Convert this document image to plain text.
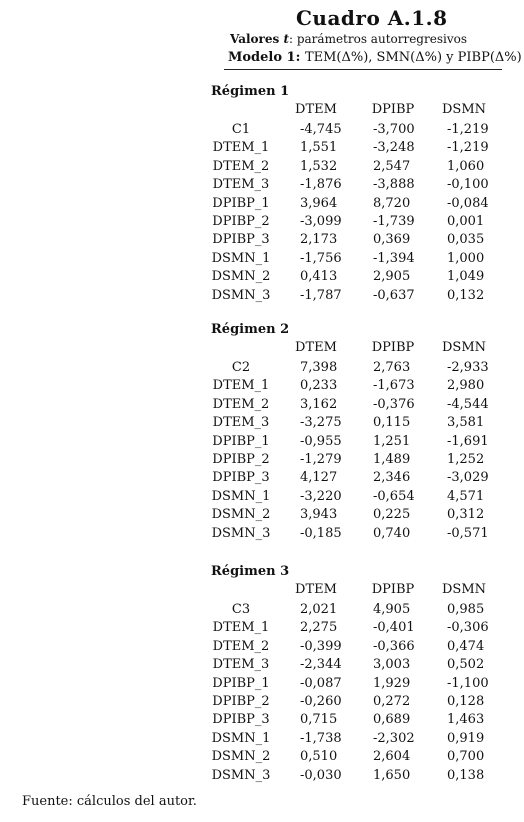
Cuadro A.1.8
Valores t: parámetros autorregresivos
Modelo 1: TEM(Δ%), SMN(Δ%) y PIBP(Δ%)
Régimen 1
DTEM	DPIBP	DSMN
C1	-4,745 -3,700 -1,219
DTEM_1	1,551	-3,248 -1,219
DTEM_2	1,532	2,547	1,060
DTEM_3	-1,876 -3,888 -0,100
DPIBP_1	3,964	8,720	-0,084
DPIBP_2	-3,099 -1,739 0,001
DPIBP_3	2,173	0,369	0,035
DSMN_1	-1,756 -1,394 1,000
DSMN_2	0,413	2,905	1,049
DSMN_3	-1,787 -0,637 0,132
Régimen 2
DTEM	DPIBP	DSMN
C2	7,398	2,763	-2,933
DTEM_1	0,233	-1,673 2,980
DTEM_2	3,162	-0,376 -4,544
DTEM_3	-3,275 0,115	3,581
DPIBP_1	-0,955 1,251	-1,691
DPIBP_2	-1,279 1,489	1,252
DPIBP_3	4,127	2,346	-3,029
DSMN_1	-3,220 -0,654 4,571
DSMN_2	3,943	0,225	0,312
DSMN_3	-0,185 0,740	-0,571
Régimen 3
DTEM	DPIBP	DSMN
C3	2,021	4,905	0,985
DTEM_1	2,275	-0,401 -0,306
DTEM_2	-0,399 -0,366 0,474
DTEM_3	-2,344 3,003	0,502
DPIBP_1	-0,087 1,929	-1,100
DPIBP_2	-0,260 0,272	0,128
DPIBP_3	0,715	0,689	1,463
DSMN_1	-1,738 -2,302 0,919
DSMN_2	0,510	2,604	0,700
DSMN_3	-0,030 1,650	0,138
Fuente: cálculos del autor.
